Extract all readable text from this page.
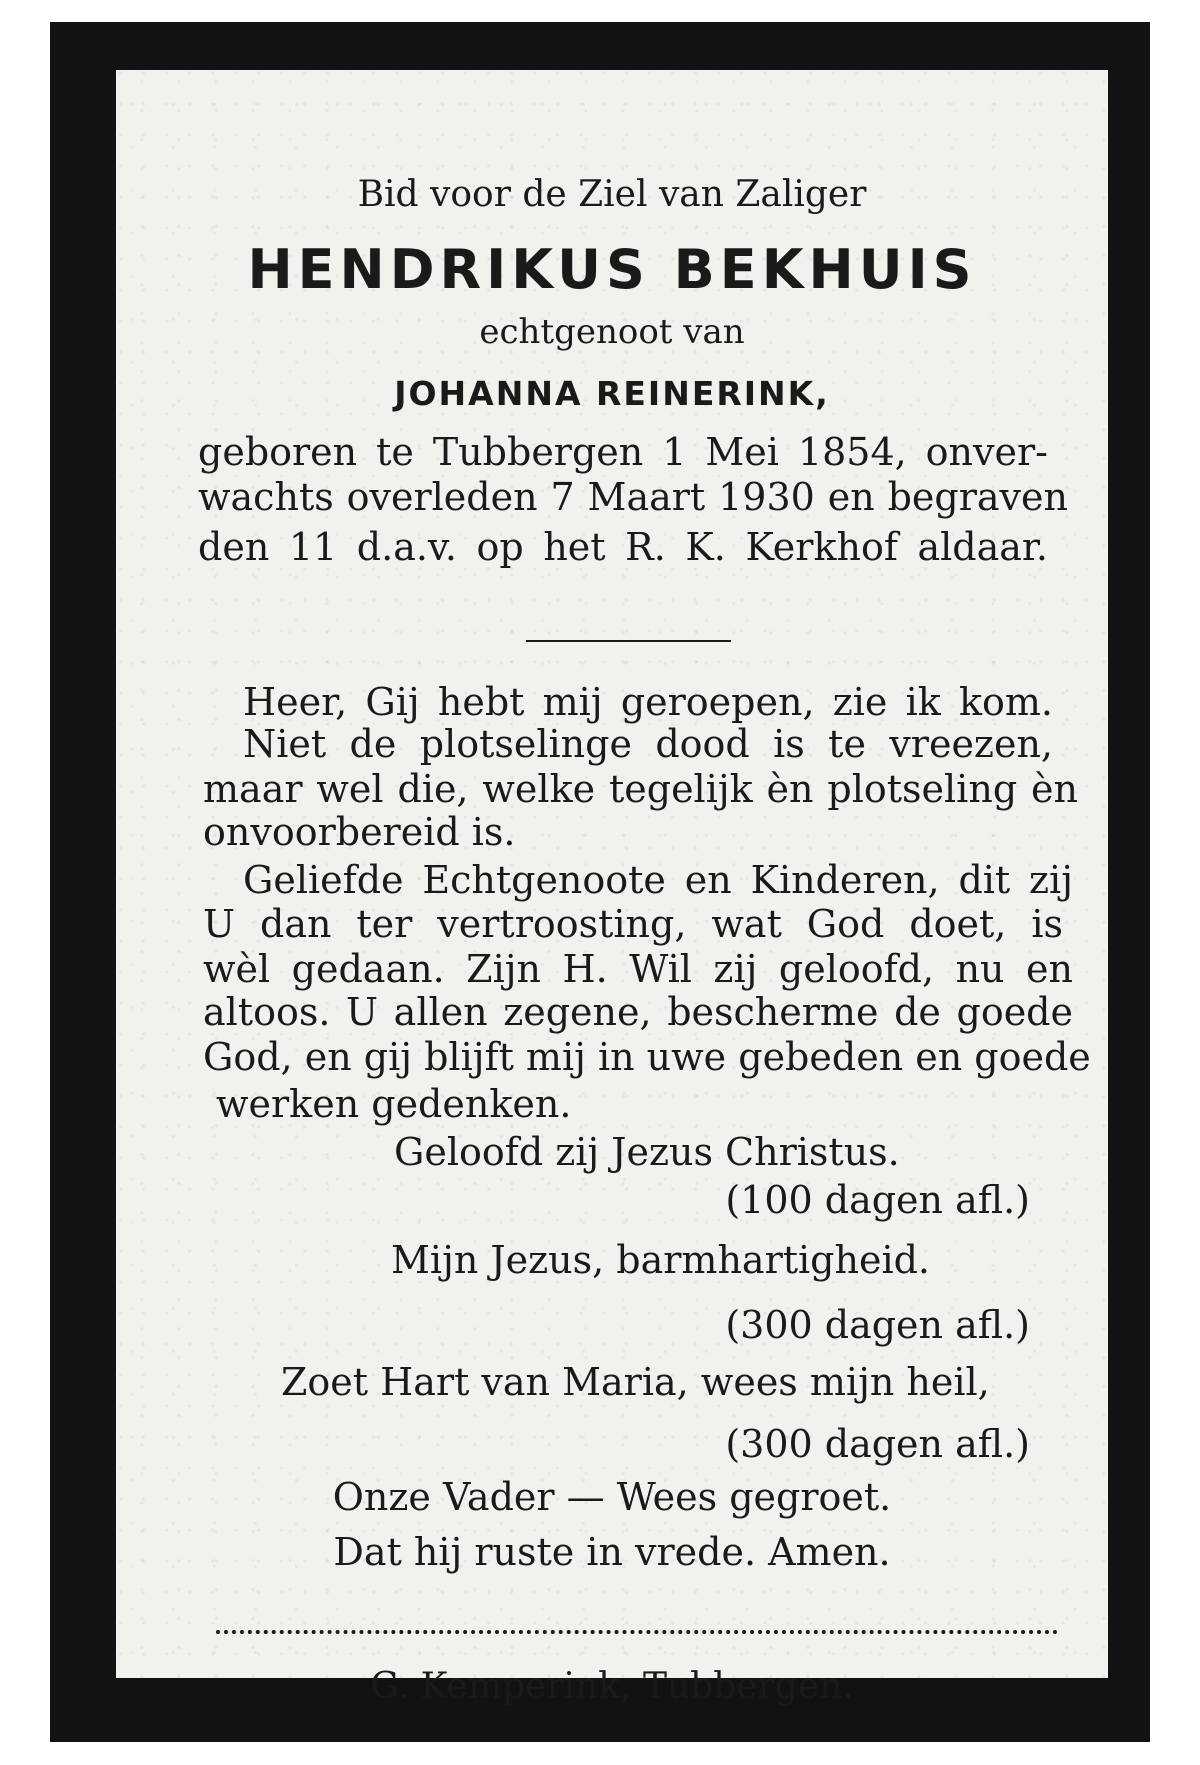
Bid voor de Ziel van Zaliger
HENDRIKUS BEKHUIS
echtgenoot van
JOHANNA REINERINK,
geboren te Tubbergen 1 Mei 1854, onver-
wachts overleden 7 Maart 1930 en begraven
den 11 d.a.v. op het R. K. Kerkhof aldaar.
Heer, Gij hebt mij geroepen, zie ik kom.
Niet de plotselinge dood is te vreezen,
maar wel die, welke tegelijk èn plotseling èn
onvoorbereid is.
Geliefde Echtgenoote en Kinderen, dit zij
U dan ter vertroosting, wat God doet, is
wèl gedaan. Zijn H. Wil zij geloofd, nu en
altoos. U allen zegene, bescherme de goede
God, en gij blijft mij in uwe gebeden en goede
werken gedenken.
Geloofd zij Jezus Christus.
(100 dagen afl.)
Mijn Jezus, barmhartigheid.
(300 dagen afl.)
Zoet Hart van Maria, wees mijn heil,
(300 dagen afl.)
Onze Vader — Wees gegroet.
Dat hij ruste in vrede. Amen.
G. Kemperink, Tubbergen.
